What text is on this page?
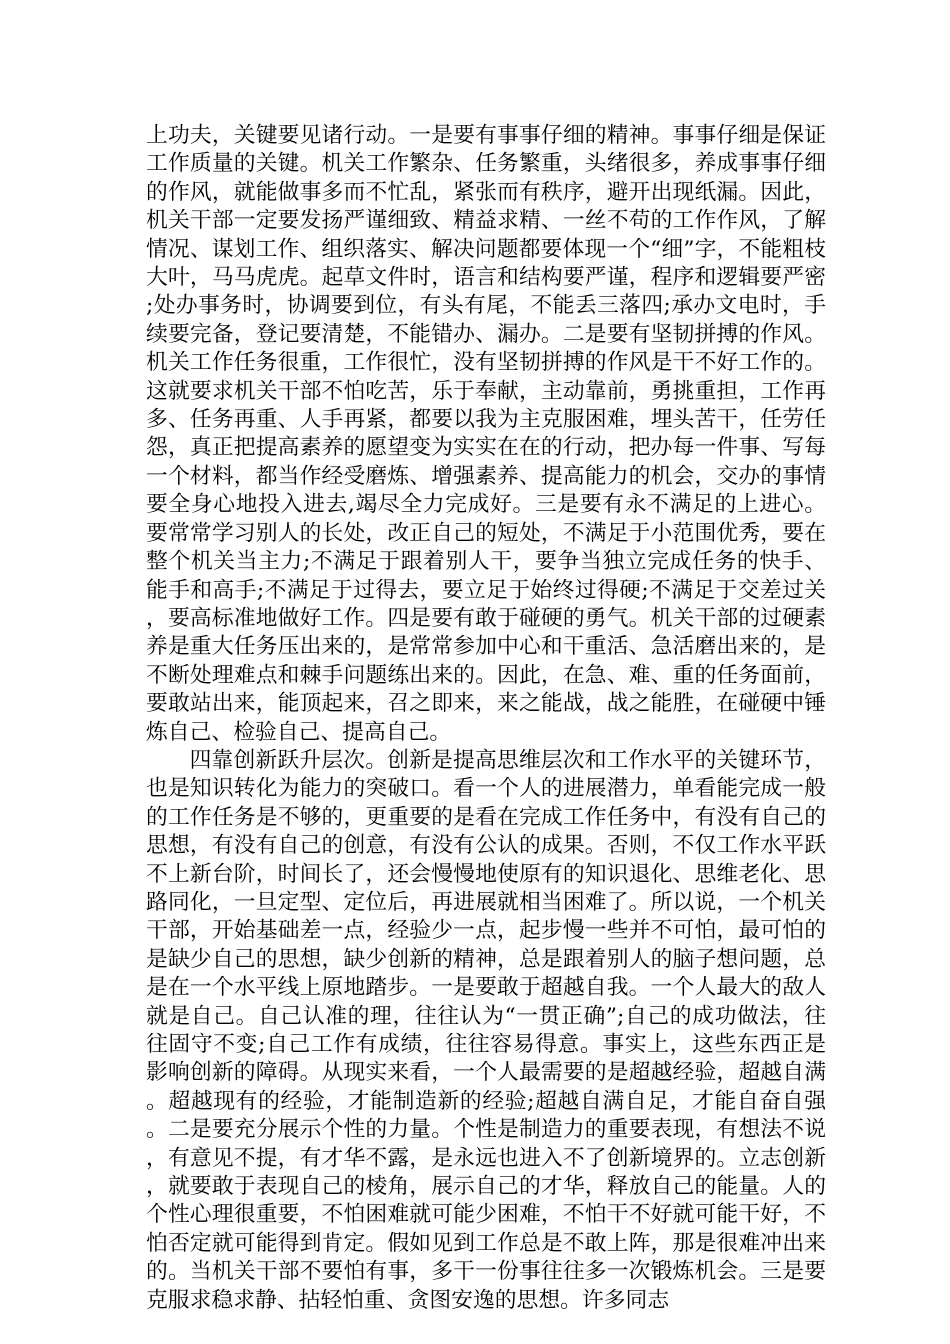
上功夫，关键要见诸行动。一是要有事事仔细的精神。事事仔细是保证工作质量的关键。机关工作繁杂、任务繁重，头绪很多，养成事事仔细的作风，就能做事多而不忙乱，紧张而有秩序，避开出现纸漏。因此，机关干部一定要发扬严谨细致、精益求精、一丝不苟的工作作风，了解情况、谋划工作、组织落实、解决问题都要体现一个“细”字，不能粗枝大叶，马马虎虎。起草文件时，语言和结构要严谨，程序和逻辑要严密;处办事务时，协调要到位，有头有尾，不能丢三落四;承办文电时，手续要完备，登记要清楚，不能错办、漏办。二是要有坚韧拼搏的作风。机关工作任务很重，工作很忙，没有坚韧拼搏的作风是干不好工作的。这就要求机关干部不怕吃苦，乐于奉献，主动靠前，勇挑重担，工作再多、任务再重、人手再紧，都要以我为主克服困难，埋头苦干，任劳任怨，真正把提高素养的愿望变为实实在在的行动，把办每一件事、写每一个材料，都当作经受磨炼、增强素养、提高能力的机会，交办的事情要全身心地投入进去,竭尽全力完成好。三是要有永不满足的上进心。要常常学习别人的长处，改正自己的短处，不满足于小范围优秀，要在整个机关当主力;不满足于跟着别人干，要争当独立完成任务的快手、能手和高手;不满足于过得去，要立足于始终过得硬;不满足于交差过关，要高标准地做好工作。四是要有敢于碰硬的勇气。机关干部的过硬素养是重大任务压出来的，是常常参加中心和干重活、急活磨出来的，是不断处理难点和棘手问题练出来的。因此，在急、难、重的任务面前，要敢站出来，能顶起来，召之即来，来之能战，战之能胜，在碰硬中锤炼自己、检验自己、提高自己。

四靠创新跃升层次。创新是提高思维层次和工作水平的关键环节，也是知识转化为能力的突破口。看一个人的进展潜力，单看能完成一般的工作任务是不够的，更重要的是看在完成工作任务中，有没有自己的思想，有没有自己的创意，有没有公认的成果。否则，不仅工作水平跃不上新台阶，时间长了，还会慢慢地使原有的知识退化、思维老化、思路同化，一旦定型、定位后，再进展就相当困难了。所以说，一个机关干部，开始基础差一点，经验少一点，起步慢一些并不可怕，最可怕的是缺少自己的思想，缺少创新的精神，总是跟着别人的脑子想问题，总是在一个水平线上原地踏步。一是要敢于超越自我。一个人最大的敌人就是自己。自己认准的理，往往认为“一贯正确”;自己的成功做法，往往固守不变;自己工作有成绩，往往容易得意。事实上，这些东西正是影响创新的障碍。从现实来看，一个人最需要的是超越经验，超越自满。超越现有的经验，才能制造新的经验;超越自满自足，才能自奋自强。二是要充分展示个性的力量。个性是制造力的重要表现，有想法不说，有意见不提，有才华不露，是永远也进入不了创新境界的。立志创新，就要敢于表现自己的棱角，展示自己的才华，释放自己的能量。人的个性心理很重要，不怕困难就可能少困难，不怕干不好就可能干好，不怕否定就可能得到肯定。假如见到工作总是不敢上阵，那是很难冲出来的。当机关干部不要怕有事，多干一份事往往多一次锻炼机会。三是要克服求稳求静、拈轻怕重、贪图安逸的思想。许多同志
